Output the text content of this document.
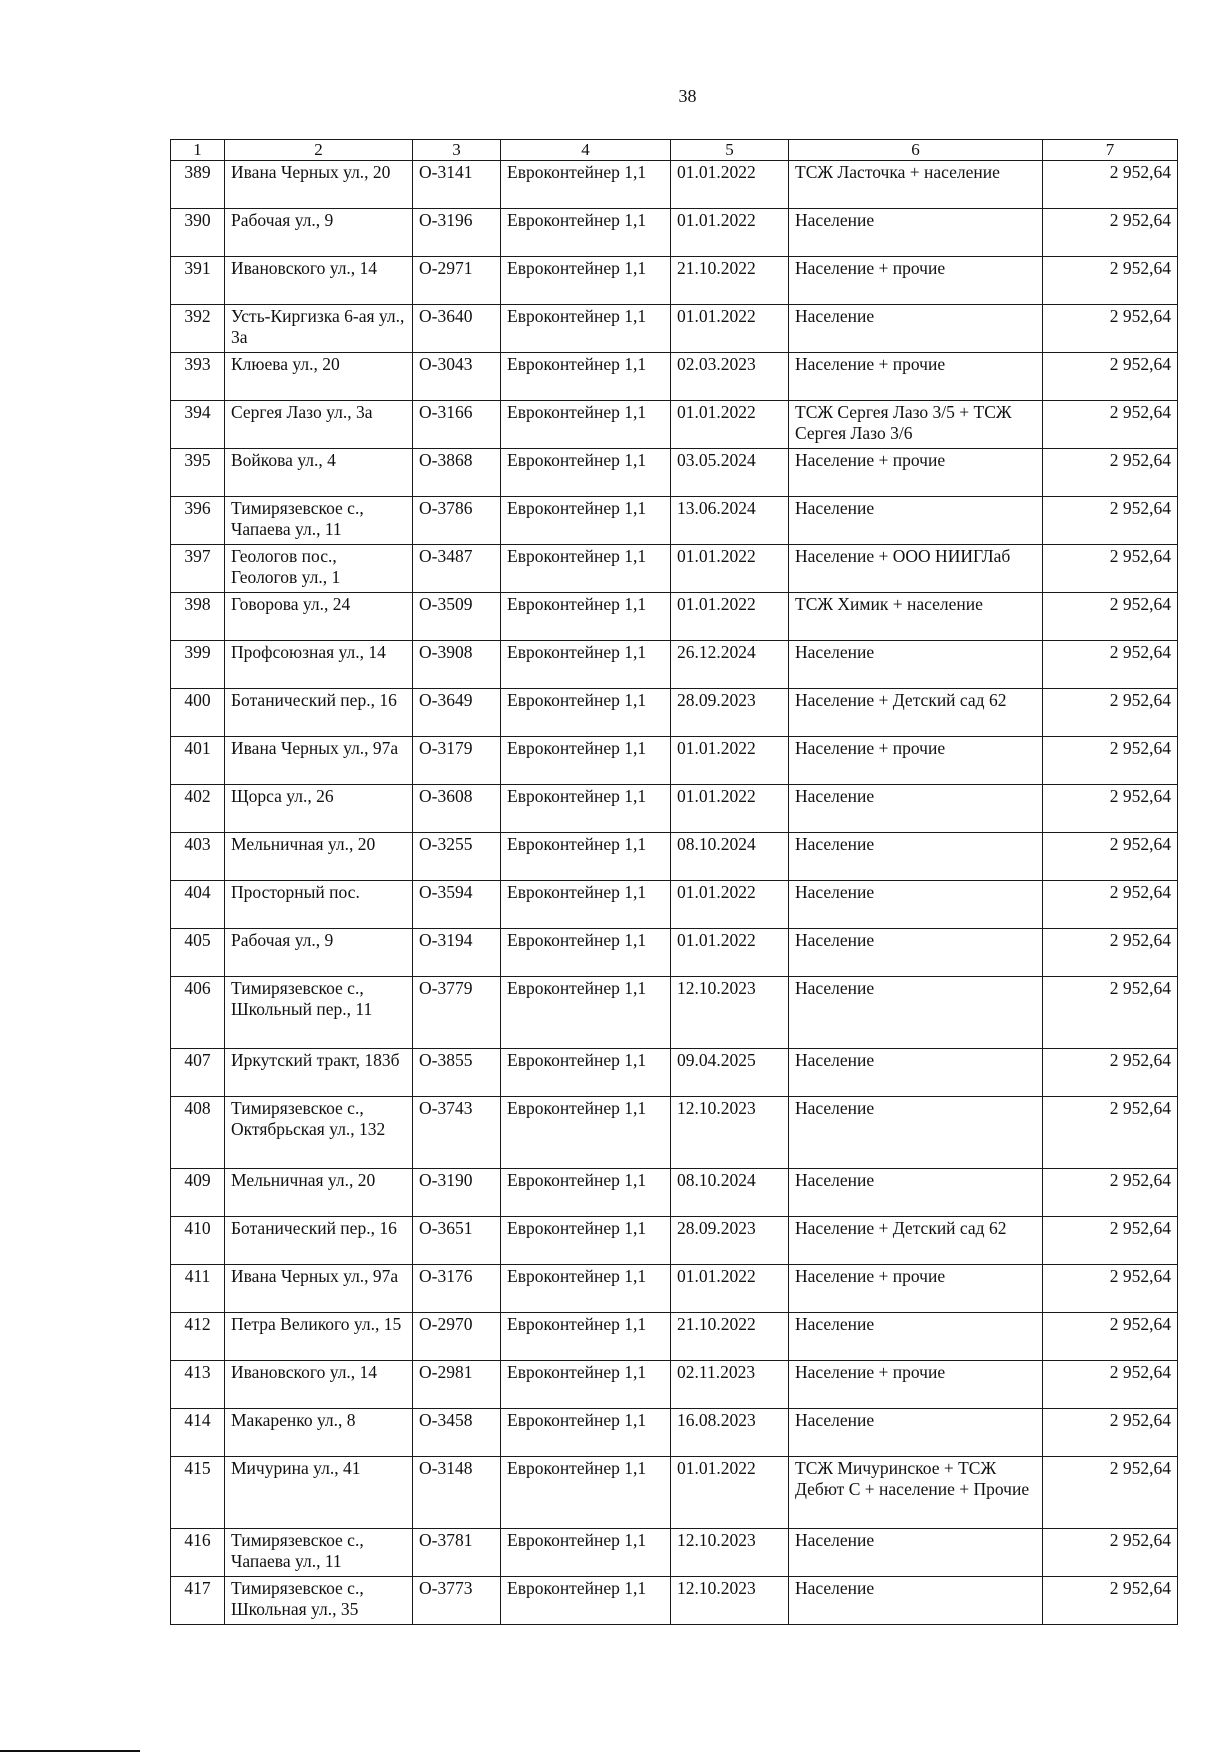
38
1	2	3	4	5	6	7
389	Ивана Черных ул., 20	О-3141	Евроконтейнер 1,1	01.01.2022	ТСЖ Ласточка + население	2 952,64
390	Рабочая ул., 9	О-3196	Евроконтейнер 1,1	01.01.2022	Население	2 952,64
391	Ивановского ул., 14	О-2971	Евроконтейнер 1,1	21.10.2022	Население + прочие	2 952,64
392	Усть-Киргизка 6-ая ул., 3а	О-3640	Евроконтейнер 1,1	01.01.2022	Население	2 952,64
393	Клюева ул., 20	О-3043	Евроконтейнер 1,1	02.03.2023	Население + прочие	2 952,64
394	Сергея Лазо ул., 3а	О-3166	Евроконтейнер 1,1	01.01.2022	ТСЖ Сергея Лазо 3/5 + ТСЖ Сергея Лазо 3/6	2 952,64
395	Войкова ул., 4	О-3868	Евроконтейнер 1,1	03.05.2024	Население + прочие	2 952,64
396	Тимирязевское с., Чапаева ул., 11	О-3786	Евроконтейнер 1,1	13.06.2024	Население	2 952,64
397	Геологов пос., Геологов ул., 1	О-3487	Евроконтейнер 1,1	01.01.2022	Население + ООО НИИГЛаб	2 952,64
398	Говорова ул., 24	О-3509	Евроконтейнер 1,1	01.01.2022	ТСЖ Химик + население	2 952,64
399	Профсоюзная ул., 14	О-3908	Евроконтейнер 1,1	26.12.2024	Население	2 952,64
400	Ботанический пер., 16	О-3649	Евроконтейнер 1,1	28.09.2023	Население + Детский сад 62	2 952,64
401	Ивана Черных ул., 97а	О-3179	Евроконтейнер 1,1	01.01.2022	Население + прочие	2 952,64
402	Щорса ул., 26	О-3608	Евроконтейнер 1,1	01.01.2022	Население	2 952,64
403	Мельничная ул., 20	О-3255	Евроконтейнер 1,1	08.10.2024	Население	2 952,64
404	Просторный пос.	О-3594	Евроконтейнер 1,1	01.01.2022	Население	2 952,64
405	Рабочая ул., 9	О-3194	Евроконтейнер 1,1	01.01.2022	Население	2 952,64
406	Тимирязевское с., Школьный пер., 11	О-3779	Евроконтейнер 1,1	12.10.2023	Население	2 952,64
407	Иркутский тракт, 183б	О-3855	Евроконтейнер 1,1	09.04.2025	Население	2 952,64
408	Тимирязевское с., Октябрьская ул., 132	О-3743	Евроконтейнер 1,1	12.10.2023	Население	2 952,64
409	Мельничная ул., 20	О-3190	Евроконтейнер 1,1	08.10.2024	Население	2 952,64
410	Ботанический пер., 16	О-3651	Евроконтейнер 1,1	28.09.2023	Население + Детский сад 62	2 952,64
411	Ивана Черных ул., 97а	О-3176	Евроконтейнер 1,1	01.01.2022	Население + прочие	2 952,64
412	Петра Великого ул., 15	О-2970	Евроконтейнер 1,1	21.10.2022	Население	2 952,64
413	Ивановского ул., 14	О-2981	Евроконтейнер 1,1	02.11.2023	Население + прочие	2 952,64
414	Макаренко ул., 8	О-3458	Евроконтейнер 1,1	16.08.2023	Население	2 952,64
415	Мичурина ул., 41	О-3148	Евроконтейнер 1,1	01.01.2022	ТСЖ Мичуринское + ТСЖ Дебют С + население + Прочие	2 952,64
416	Тимирязевское с., Чапаева ул., 11	О-3781	Евроконтейнер 1,1	12.10.2023	Население	2 952,64
417	Тимирязевское с., Школьная ул., 35	О-3773	Евроконтейнер 1,1	12.10.2023	Население	2 952,64
